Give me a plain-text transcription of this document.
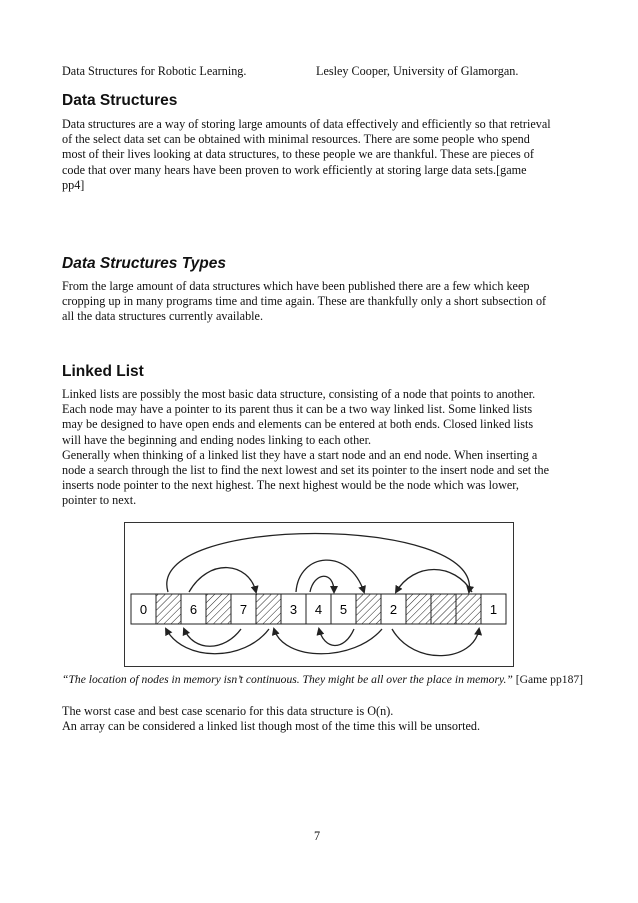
Data Structures for Robotic Learning.	Lesley Cooper, University of Glamorgan.
Data Structures

Data structures are a way of storing large amounts of data effectively and efficiently so that retrieval
of the select data set can be obtained with minimal resources. There are some people who spend
most of their lives looking at data structures, to these people we are thankful. These are pieces of
code that over many hears have been proven to work efficiently at storing large data sets.[game
pp4]

Data Structures Types

From the large amount of data structures which have been published there are a few which keep
cropping up in many programs time and time again. These are thankfully only a short subsection of
all the data structures currently available.

Linked List

Linked lists are possibly the most basic data structure, consisting of a node that points to another.
Each node may have a pointer to its parent thus it can be a two way linked list. Some linked lists
may be designed to have open ends and elements can be entered at both ends. Closed linked lists
will have the beginning and ending nodes linking to each other.
Generally when thinking of a linked list they have a start node and an end node. When inserting a
node a search through the list to find the next lowest and set its pointer to the insert node and set the
inserts node pointer to the next highest. The next highest would be the node which was lower,
pointer to next.

0	6	7	3 4 5	2	1
“The location of nodes in memory isn’t continuous. They might be all over the place in memory.” [Game pp187]

The worst case and best case scenario for this data structure is O(n).
An array can be considered a linked list though most of the time this will be unsorted.

7
